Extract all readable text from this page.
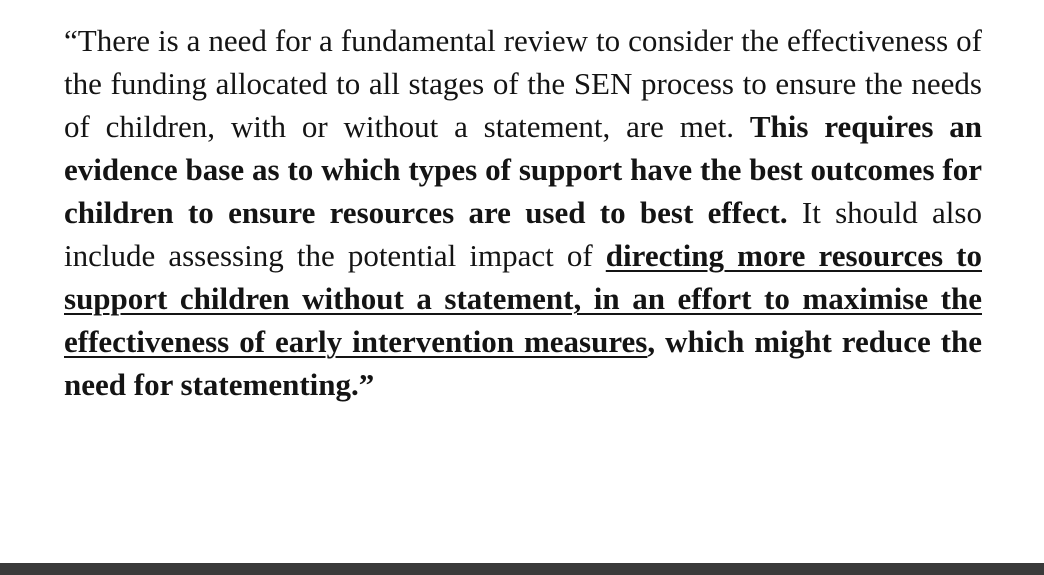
“There is a need for a fundamental review to consider the effectiveness of the funding allocated to all stages of the SEN process to ensure the needs of children, with or without a statement, are met. This requires an evidence base as to which types of support have the best outcomes for children to ensure resources are used to best effect. It should also include assessing the potential impact of directing more resources to support children without a statement, in an effort to maximise the effectiveness of early intervention measures, which might reduce the need for statementing.”
